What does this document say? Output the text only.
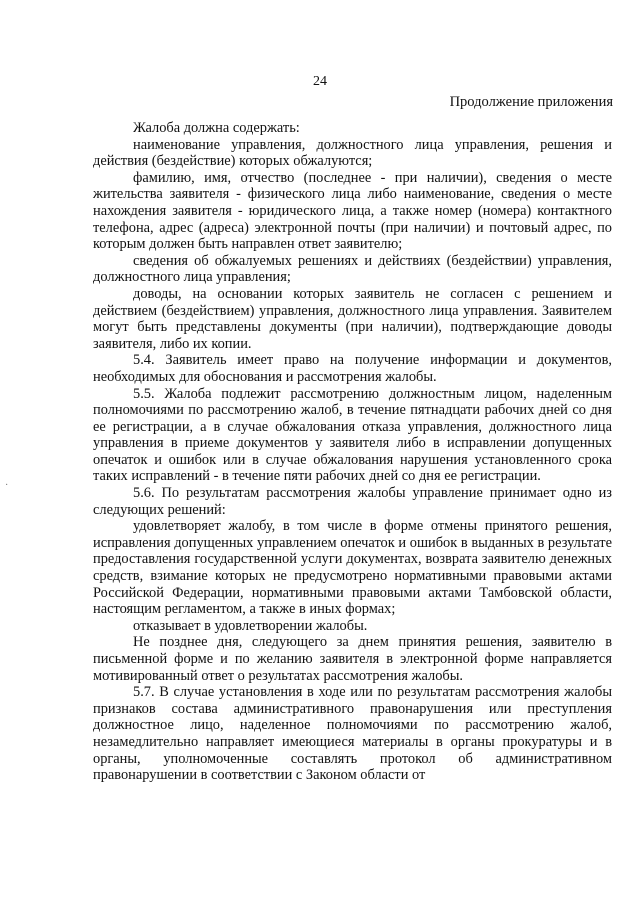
24
Продолжение приложения

Жалоба должна содержать:

наименование управления, должностного лица управления, решения и действия (бездействие) которых обжалуются;

фамилию, имя, отчество (последнее - при наличии), сведения о месте жительства заявителя - физического лица либо наименование, сведения о месте нахождения заявителя - юридического лица, а также номер (номера) контактного телефона, адрес (адреса) электронной почты (при наличии) и почтовый адрес, по которым должен быть направлен ответ заявителю;

сведения об обжалуемых решениях и действиях (бездействии) управления, должностного лица управления;

доводы, на основании которых заявитель не согласен с решением и действием (бездействием) управления, должностного лица управления. Заявителем могут быть представлены документы (при наличии), подтверждающие доводы заявителя, либо их копии.

5.4. Заявитель имеет право на получение информации и документов, необходимых для обоснования и рассмотрения жалобы.

5.5. Жалоба подлежит рассмотрению должностным лицом, наделенным полномочиями по рассмотрению жалоб, в течение пятнадцати рабочих дней со дня ее регистрации, а в случае обжалования отказа управления, должностного лица управления в приеме документов у заявителя либо в исправлении допущенных опечаток и ошибок или в случае обжалования нарушения установленного срока таких исправлений - в течение пяти рабочих дней со дня ее регистрации.

5.6. По результатам рассмотрения жалобы управление принимает одно из следующих решений:

удовлетворяет жалобу, в том числе в форме отмены принятого решения, исправления допущенных управлением опечаток и ошибок в выданных в результате предоставления государственной услуги документах, возврата заявителю денежных средств, взимание которых не предусмотрено нормативными правовыми актами Российской Федерации, нормативными правовыми актами Тамбовской области, настоящим регламентом, а также в иных формах;

отказывает в удовлетворении жалобы.

Не позднее дня, следующего за днем принятия решения, заявителю в письменной форме и по желанию заявителя в электронной форме направляется мотивированный ответ о результатах рассмотрения жалобы.

5.7. В случае установления в ходе или по результатам рассмотрения жалобы признаков состава административного правонарушения или преступления должностное лицо, наделенное полномочиями по рассмотрению жалоб, незамедлительно направляет имеющиеся материалы в органы прокуратуры и в органы, уполномоченные составлять протокол об административном правонарушении в соответствии с Законом области от

·
